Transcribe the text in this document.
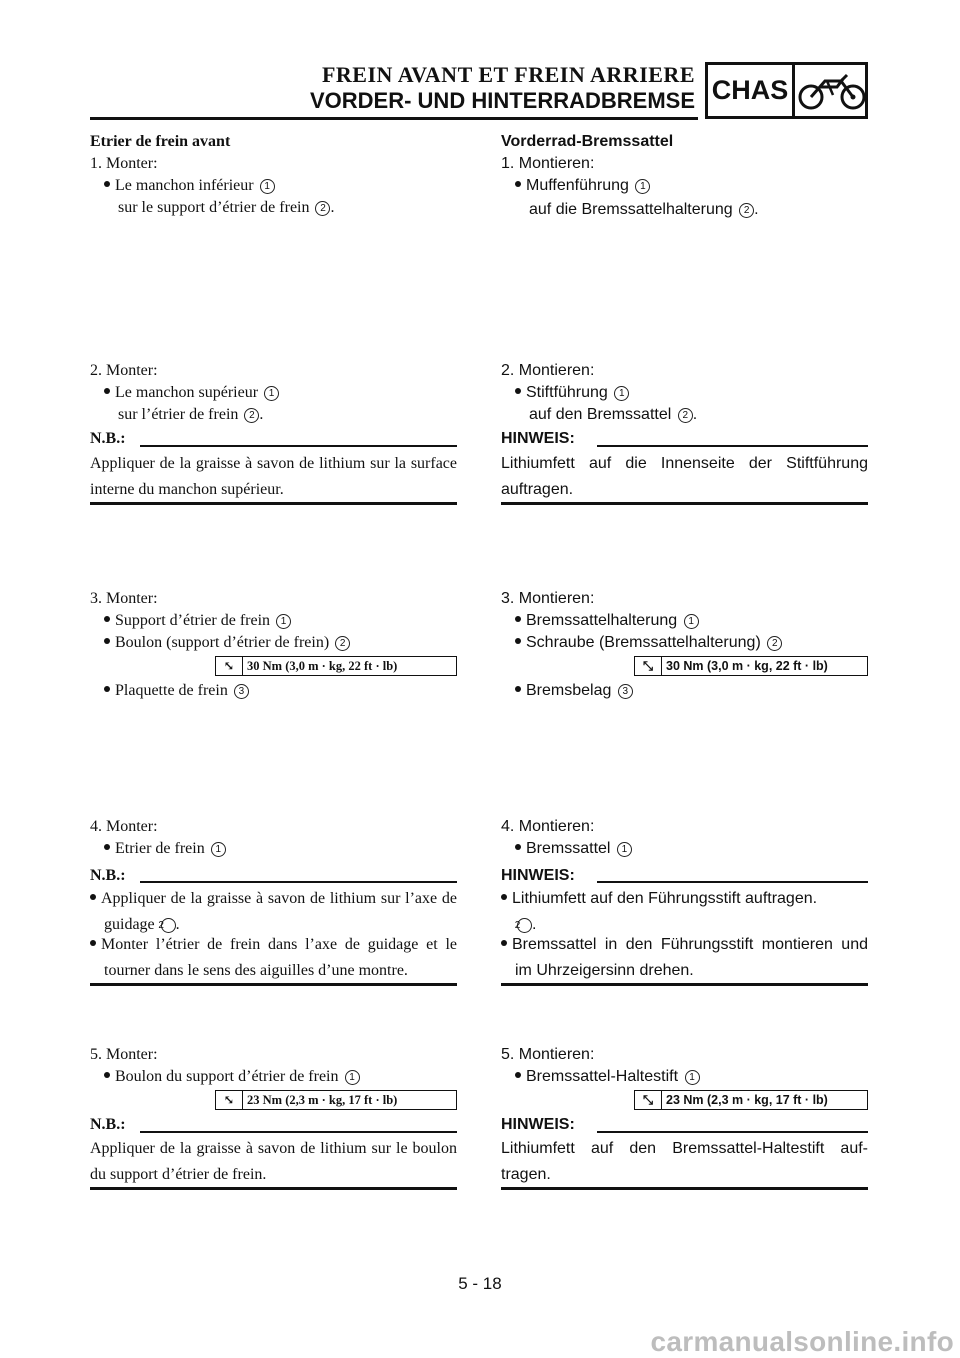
FREIN AVANT ET FREIN ARRIERE
VORDER- UND HINTERRADBREMSE CHAS
Etrier de frein avant
1. Monter:
Le manchon inférieur 1
sur le support d’étrier de frein 2 .
2. Monter:
Le manchon supérieur 1
sur l’étrier de frein 2 .
N.B.:
Appliquer de la graisse à savon de lithium sur la surface interne du manchon supérieur.
3. Monter:
Support d’étrier de frein 1
Boulon (support d’étrier de frein) 2
⤡ 30 Nm (3,0 m · kg, 22 ft · lb)
Plaquette de frein 3
4. Monter:
Etrier de frein 1
N.B.:
Appliquer de la graisse à savon de lithium sur l’axe de guidage 2 .
Monter l’étrier de frein dans l’axe de guidage et le tourner dans le sens des aiguilles d’une montre.
5. Monter:
Boulon du support d’étrier de frein 1
⤡ 23 Nm (2,3 m · kg, 17 ft · lb)
N.B.:
Appliquer de la graisse à savon de lithium sur le boulon du support d’étrier de frein.
Vorderrad-Bremssattel
1. Montieren:
Muffenführung 1
auf die Bremssattelhalterung 2 .
2. Montieren:
Stiftführung 1
auf den Bremssattel 2 .
HINWEIS:
Lithiumfett auf die Innenseite der Stiftführung auftragen.
3. Montieren:
Bremssattelhalterung 1
Schraube (Bremssattelhalterung) 2
⤡ 30 Nm (3,0 m · kg, 22 ft · lb)
Bremsbelag 3
4. Montieren:
Bremssattel 1
HINWEIS:
Lithiumfett auf den Führungsstift auftragen.
2 .
Bremssattel in den Führungsstift montieren und im Uhrzeigersinn drehen.
5. Montieren:
Bremssattel-Haltestift 1
⤡ 23 Nm (2,3 m · kg, 17 ft · lb)
HINWEIS:
Lithiumfett auf den Bremssattel-Haltestift auf-tragen.
5 - 18
carmanualsonline.info
